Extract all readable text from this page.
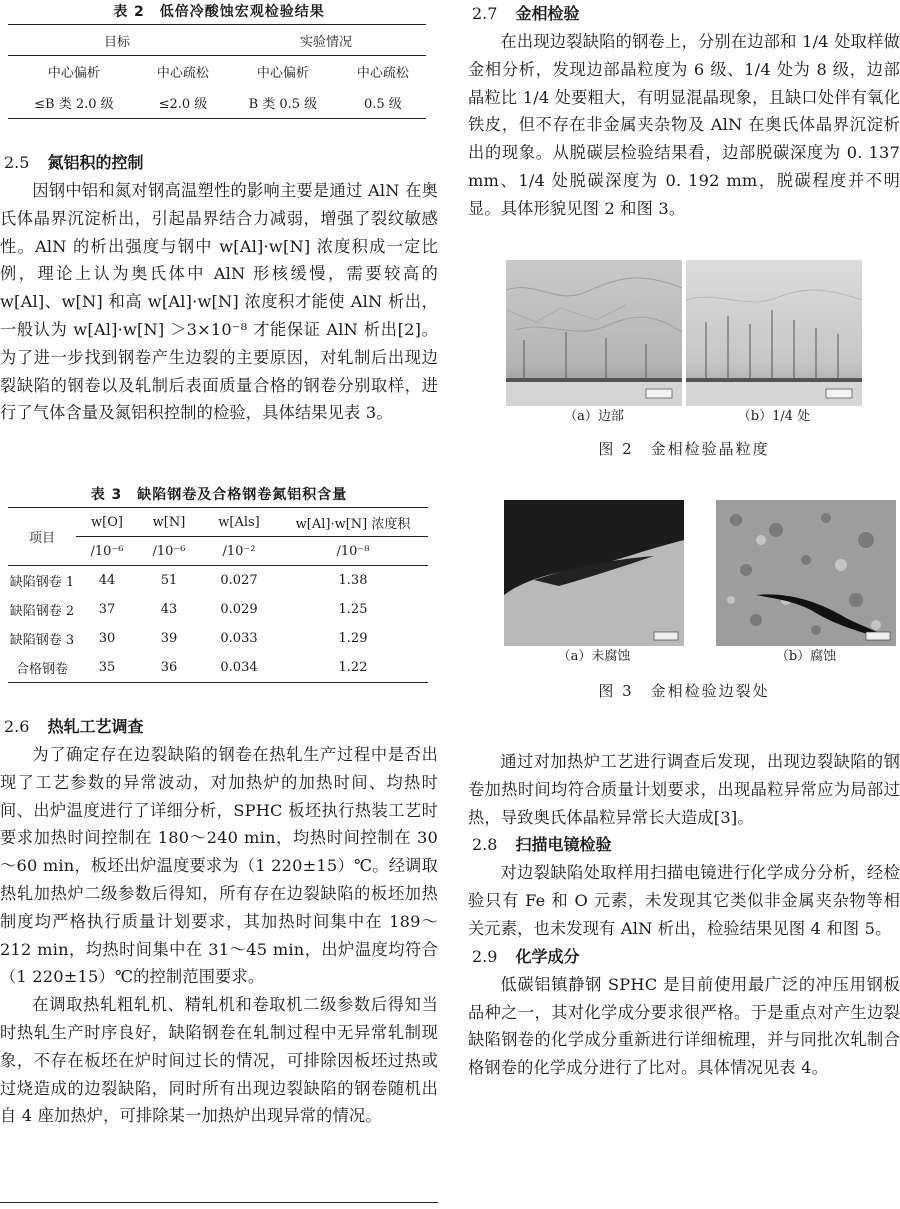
表 2　低倍冷酸蚀宏观检验结果
目标		实验情况	
中心偏析	中心疏松	中心偏析	中心疏松
≤B 类 2.0 级	≤2.0 级	B 类 0.5 级	0.5 级
2.5 氮铝积的控制

因钢中铝和氮对钢高温塑性的影响主要是通过 AlN 在奥氏体晶界沉淀析出，引起晶界结合力减弱，增强了裂纹敏感性。AlN 的析出强度与钢中 w[Al]·w[N] 浓度积成一定比例，理论上认为奥氏体中 AlN 形核缓慢，需要较高的 w[Al]、w[N] 和高 w[Al]·w[N] 浓度积才能使 AlN 析出，一般认为 w[Al]·w[N] ＞3×10⁻⁸ 才能保证 AlN 析出[2]。为了进一步找到钢卷产生边裂的主要原因，对轧制后出现边裂缺陷的钢卷以及轧制后表面质量合格的钢卷分别取样，进行了气体含量及氮铝积控制的检验，具体结果见表 3。

表 3　缺陷钢卷及合格钢卷氮铝积含量
项目	w[O]	w[N]	w[Als]	w[Al]·w[N] 浓度积
	/10⁻⁶	/10⁻⁶	/10⁻²	/10⁻⁸
缺陷钢卷 1	44	51	0.027	1.38
缺陷钢卷 2	37	43	0.029	1.25
缺陷钢卷 3	30	39	0.033	1.29
合格钢卷	35	36	0.034	1.22
2.6 热轧工艺调查

为了确定存在边裂缺陷的钢卷在热轧生产过程中是否出现了工艺参数的异常波动，对加热炉的加热时间、均热时间、出炉温度进行了详细分析，SPHC 板坯执行热装工艺时要求加热时间控制在 180～240 min，均热时间控制在 30～60 min，板坯出炉温度要求为（1 220±15）℃。经调取热轧加热炉二级参数后得知，所有存在边裂缺陷的板坯加热制度均严格执行质量计划要求，其加热时间集中在 189～212 min，均热时间集中在 31～45 min，出炉温度均符合（1 220±15）℃的控制范围要求。

在调取热轧粗轧机、精轧机和卷取机二级参数后得知当时热轧生产时序良好，缺陷钢卷在轧制过程中无异常轧制现象，不存在板坯在炉时间过长的情况，可排除因板坯过热或过烧造成的边裂缺陷，同时所有出现边裂缺陷的钢卷随机出自 4 座加热炉，可排除某一加热炉出现异常的情况。

2.7 金相检验

在出现边裂缺陷的钢卷上，分别在边部和 1/4 处取样做金相分析，发现边部晶粒度为 6 级、1/4 处为 8 级，边部晶粒比 1/4 处要粗大，有明显混晶现象，且缺口处伴有氧化铁皮，但不存在非金属夹杂物及 AlN 在奥氏体晶界沉淀析出的现象。从脱碳层检验结果看，边部脱碳深度为 0. 137 mm、1/4 处脱碳深度为 0. 192 mm，脱碳程度并不明显。具体形貌见图 2 和图 3。

（a）边部	（b）1/4 处
图 2　金相检验晶粒度
（a）未腐蚀	（b）腐蚀
图 3　金相检验边裂处

通过对加热炉工艺进行调查后发现，出现边裂缺陷的钢卷加热时间均符合质量计划要求，出现晶粒异常应为局部过热，导致奥氏体晶粒异常长大造成[3]。

2.8 扫描电镜检验

对边裂缺陷处取样用扫描电镜进行化学成分分析，经检验只有 Fe 和 O 元素，未发现其它类似非金属夹杂物等相关元素，也未发现有 AlN 析出，检验结果见图 4 和图 5。

2.9 化学成分

低碳铝镇静钢 SPHC 是目前使用最广泛的冲压用钢板品种之一，其对化学成分要求很严格。于是重点对产生边裂缺陷钢卷的化学成分重新进行详细梳理，并与同批次轧制合格钢卷的化学成分进行了比对。具体情况见表 4。
